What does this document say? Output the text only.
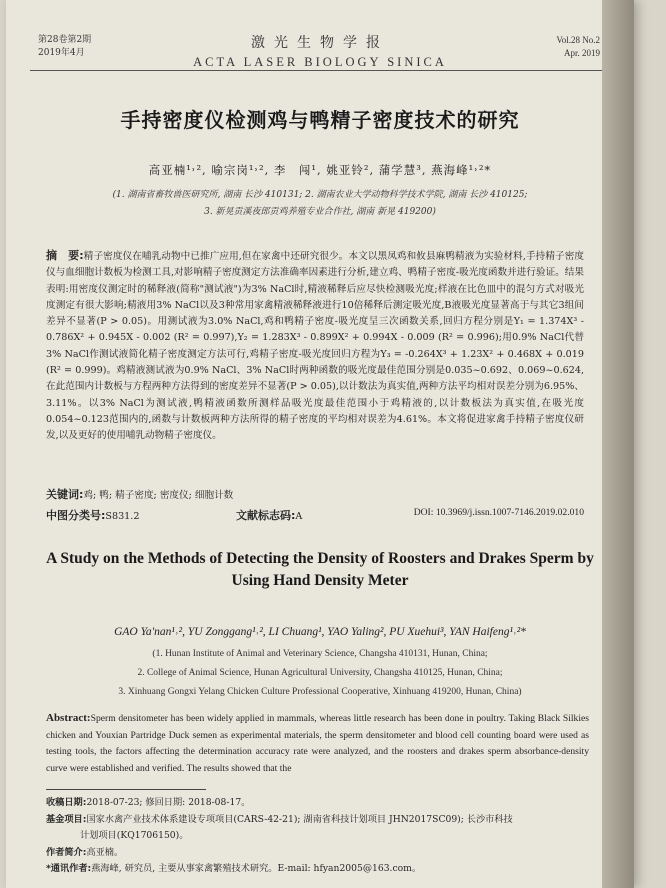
第28卷第2期
2019年4月
激光生物学报
ACTA LASER BIOLOGY SINICA
Vol.28 No.2
Apr. 2019
手持密度仪检测鸡与鸭精子密度技术的研究
高亚楠¹˒², 喻宗岗¹˒², 李　闯¹, 姚亚铃², 蒲学慧³, 燕海峰¹˒²*
(1. 湖南省畜牧兽医研究所, 湖南 长沙 410131; 2. 湖南农业大学动物科学技术学院, 湖南 长沙 410125;
3. 新晃贡溪夜郎贡鸡养殖专业合作社, 湖南 新晃 419200)
摘　要:精子密度仪在哺乳动物中已推广应用,但在家禽中还研究很少。本文以黑凤鸡和攸县麻鸭精液为实验材料,手持精子密度仪与血细胞计数板为检测工具,对影响精子密度测定方法准确率因素进行分析,建立鸡、鸭精子密度-吸光度函数并进行验证。结果表明:用密度仪测定时的稀释液(简称"测试液")为3% NaCl时,精液稀释后应尽快检测吸光度;样液在比色皿中的混匀方式对吸光度测定有很大影响;精液用3% NaCl以及3种常用家禽精液稀释液进行10倍稀释后测定吸光度,B液吸光度显著高于与其它3组间差异不显著(P > 0.05)。用测试液为3.0% NaCl,鸡和鸭精子密度-吸光度呈三次函数关系,回归方程分别是Y₁ = 1.374X³ - 0.786X² + 0.945X - 0.002 (R² = 0.997),Y₂ = 1.283X³ - 0.899X² + 0.994X - 0.009 (R² = 0.996);用0.9% NaCl代替3% NaCl作测试液简化精子密度测定方法可行,鸡精子密度-吸光度回归方程为Y₃ = -0.264X³ + 1.23X² + 0.468X + 0.019 (R² = 0.999)。鸡精液测试液为0.9% NaCl、3% NaCl时两种函数的吸光度最佳范围分别是0.035~0.692、0.069~0.624,在此范围内计数板与方程两种方法得到的密度差异不显著(P > 0.05),以计数法为真实值,两种方法平均相对误差分别为6.95%、3.11%。以3% NaCl为测试液,鸭精液函数所测样品吸光度最佳范围小于鸡精液的,以计数板法为真实值,在吸光度0.054~0.123范围内的,函数与计数板两种方法所得的精子密度的平均相对误差为4.61%。本文将促进家禽手持精子密度仪研发,以及更好的使用哺乳动物精子密度仪。
关键词:鸡; 鸭; 精子密度; 密度仪; 细胞计数
中图分类号:S831.2	文献标志码:A	DOI: 10.3969/j.issn.1007-7146.2019.02.010
A Study on the Methods of Detecting the Density of Roosters and Drakes Sperm by Using Hand Density Meter
GAO Ya'nan¹˒², YU Zonggang¹˒², LI Chuang¹, YAO Yaling², PU Xuehui³, YAN Haifeng¹˒²*
(1. Hunan Institute of Animal and Veterinary Science, Changsha 410131, Hunan, China;
2. College of Animal Science, Hunan Agricultural University, Changsha 410125, Hunan, China;
3. Xinhuang Gongxi Yelang Chicken Culture Professional Cooperative, Xinhuang 419200, Hunan, China)
Abstract:Sperm densitometer has been widely applied in mammals, whereas little research has been done in poultry. Taking Black Silkies chicken and Youxian Partridge Duck semen as experimental materials, the sperm densitometer and blood cell counting board were used as testing tools, the factors affecting the determination accuracy rate were analyzed, and the roosters and drakes sperm absorbance-density curve were established and verified. The results showed that the
收稿日期:2018-07-23; 修回日期: 2018-08-17。
基金项目:国家水禽产业技术体系建设专项项目(CARS-42-21); 湖南省科技计划项目 JHN2017SC09); 长沙市科技
计划项目(KQ1706150)。
作者简介:高亚楠。
*通讯作者:燕海峰, 研究员, 主要从事家禽繁殖技术研究。E-mail: hfyan2005@163.com。
